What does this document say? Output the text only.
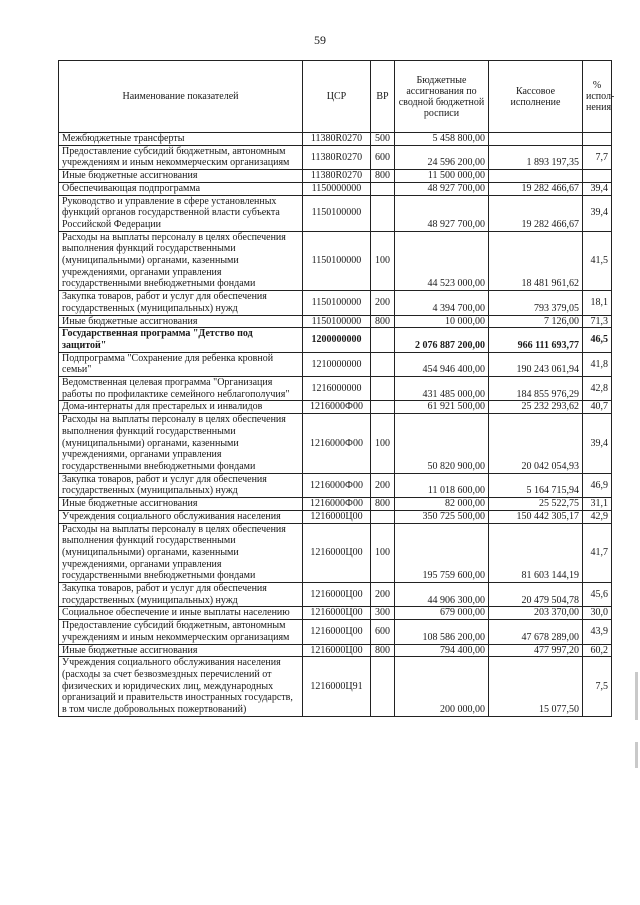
59
Наименование показателей	ЦСР	ВР	Бюджетные ассигнования по сводной бюджетной росписи	Кассовое исполнение	% испол-нения
Межбюджетные трансферты	11380R0270	500	5 458 800,00		
Предоставление субсидий бюджетным, автономным учреждениям и иным некоммерческим организациям	11380R0270	600	24 596 200,00	1 893 197,35	7,7
Иные бюджетные ассигнования	11380R0270	800	11 500 000,00		
Обеспечивающая подпрограмма	1150000000		48 927 700,00	19 282 466,67	39,4
Руководство и управление в сфере установленных функций органов государственной власти субъекта Российской Федерации	1150100000		48 927 700,00	19 282 466,67	39,4
Расходы на выплаты персоналу в целях обеспечения выполнения функций государственными (муниципальными) органами, казенными учреждениями, органами управления государственными внебюджетными фондами	1150100000	100	44 523 000,00	18 481 961,62	41,5
Закупка товаров, работ и услуг для обеспечения государственных (муниципальных) нужд	1150100000	200	4 394 700,00	793 379,05	18,1
Иные бюджетные ассигнования	1150100000	800	10 000,00	7 126,00	71,3
Государственная программа "Детство под защитой"	1200000000		2 076 887 200,00	966 111 693,77	46,5
Подпрограмма "Сохранение для ребенка кровной семьи"	1210000000		454 946 400,00	190 243 061,94	41,8
Ведомственная целевая программа "Организация работы по профилактике семейного неблагополучия"	1216000000		431 485 000,00	184 855 976,29	42,8
Дома-интернаты для престарелых и инвалидов	1216000Ф00		61 921 500,00	25 232 293,62	40,7
Расходы на выплаты персоналу в целях обеспечения выполнения функций государственными (муниципальными) органами, казенными учреждениями, органами управления государственными внебюджетными фондами	1216000Ф00	100	50 820 900,00	20 042 054,93	39,4
Закупка товаров, работ и услуг для обеспечения государственных (муниципальных) нужд	1216000Ф00	200	11 018 600,00	5 164 715,94	46,9
Иные бюджетные ассигнования	1216000Ф00	800	82 000,00	25 522,75	31,1
Учреждения социального обслуживания населения	1216000Ц00		350 725 500,00	150 442 305,17	42,9
Расходы на выплаты персоналу в целях обеспечения выполнения функций государственными (муниципальными) органами, казенными учреждениями, органами управления государственными внебюджетными фондами	1216000Ц00	100	195 759 600,00	81 603 144,19	41,7
Закупка товаров, работ и услуг для обеспечения государственных (муниципальных) нужд	1216000Ц00	200	44 906 300,00	20 479 504,78	45,6
Социальное обеспечение и иные выплаты населению	1216000Ц00	300	679 000,00	203 370,00	30,0
Предоставление субсидий бюджетным, автономным учреждениям и иным некоммерческим организациям	1216000Ц00	600	108 586 200,00	47 678 289,00	43,9
Иные бюджетные ассигнования	1216000Ц00	800	794 400,00	477 997,20	60,2
Учреждения социального обслуживания населения (расходы за счет безвозмездных перечислений от физических и юридических лиц, международных организаций и правительств иностранных государств, в том числе добровольных пожертвований)	1216000Ц91		200 000,00	15 077,50	7,5
